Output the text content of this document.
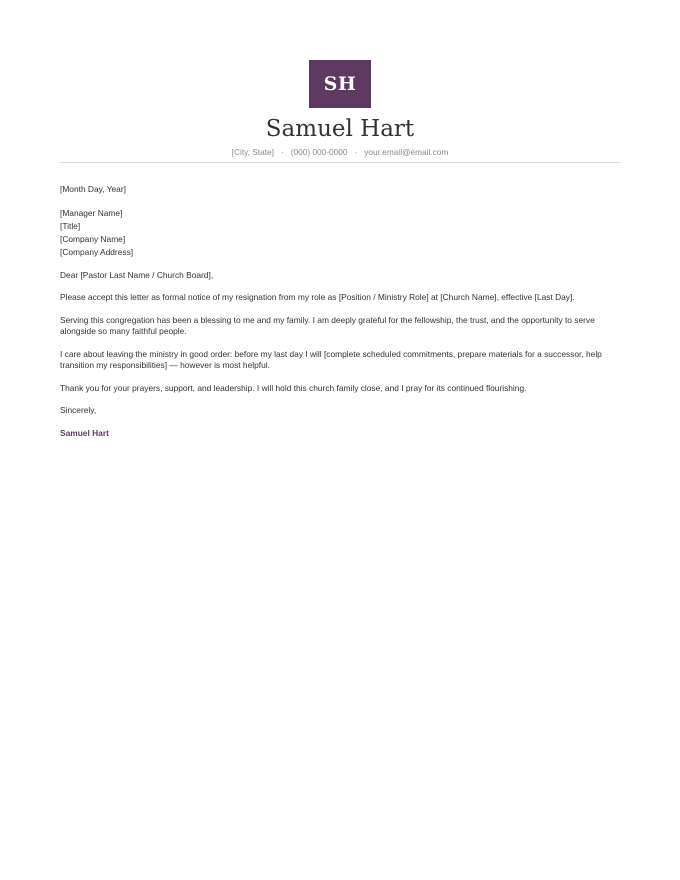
SH
Samuel Hart
[City, State] · (000) 000-0000 · your.email@email.com

[Month Day, Year]

[Manager Name]
[Title]
[Company Name]
[Company Address]

Dear [Pastor Last Name / Church Board],

Please accept this letter as formal notice of my resignation from my role as [Position / Ministry Role] at [Church Name], effective [Last Day].

Serving this congregation has been a blessing to me and my family. I am deeply grateful for the fellowship, the trust, and the opportunity to serve alongside so many faithful people.

I care about leaving the ministry in good order: before my last day I will [complete scheduled commitments, prepare materials for a successor, help transition my responsibilities] — however is most helpful.

Thank you for your prayers, support, and leadership. I will hold this church family close, and I pray for its continued flourishing.

Sincerely,

Samuel Hart
